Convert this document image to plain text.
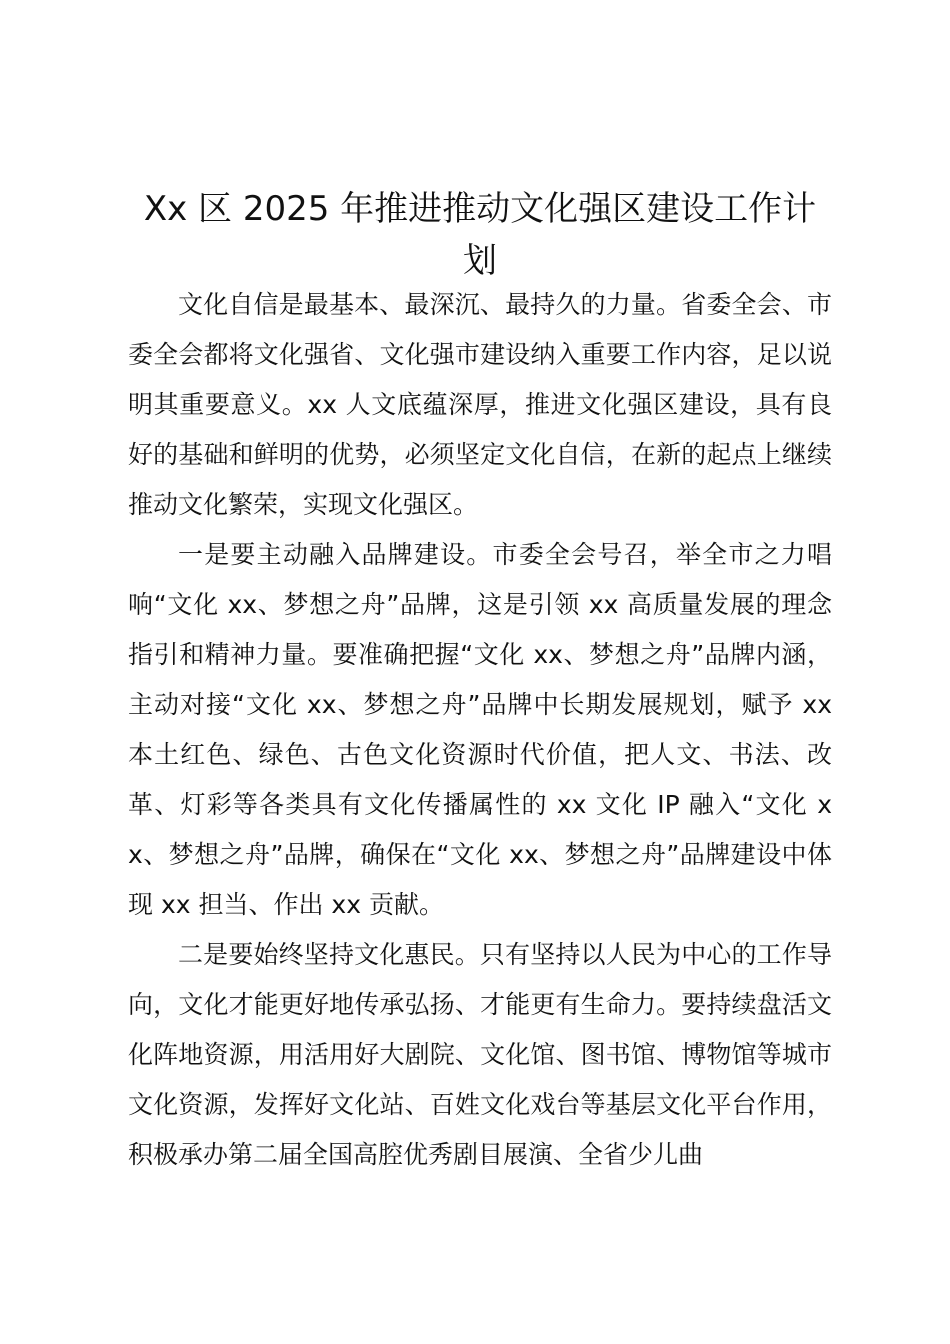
Xx 区 2025 年推进推动文化强区建设工作计划

文化自信是最基本、最深沉、最持久的力量。省委全会、市委全会都将文化强省、文化强市建设纳入重要工作内容，足以说明其重要意义。xx 人文底蕴深厚，推进文化强区建设，具有良好的基础和鲜明的优势，必须坚定文化自信，在新的起点上继续推动文化繁荣，实现文化强区。

一是要主动融入品牌建设。市委全会号召，举全市之力唱响“文化 xx、梦想之舟”品牌，这是引领 xx 高质量发展的理念指引和精神力量。要准确把握“文化 xx、梦想之舟”品牌内涵，主动对接“文化 xx、梦想之舟”品牌中长期发展规划，赋予 xx 本土红色、绿色、古色文化资源时代价值，把人文、书法、改革、灯彩等各类具有文化传播属性的 xx 文化 IP 融入“文化 xx、梦想之舟”品牌，确保在“文化 xx、梦想之舟”品牌建设中体现 xx 担当、作出 xx 贡献。

二是要始终坚持文化惠民。只有坚持以人民为中心的工作导向，文化才能更好地传承弘扬、才能更有生命力。要持续盘活文化阵地资源，用活用好大剧院、文化馆、图书馆、博物馆等城市文化资源，发挥好文化站、百姓文化戏台等基层文化平台作用，积极承办第二届全国高腔优秀剧目展演、全省少儿曲
